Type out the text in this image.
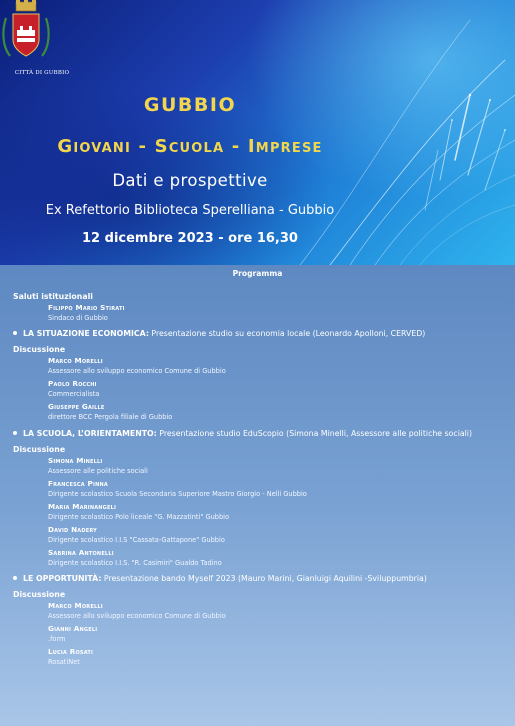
CITTÀ DI GUBBIO
GUBBIO
Giovani - Scuola - Imprese
Dati e prospettive
Ex Refettorio Biblioteca Sperelliana - Gubbio
12 dicembre 2023 - ore 16,30
Programma
Saluti istituzionali
Filippo Mario Stirati
Sindaco di Gubbio
LA SITUAZIONE ECONOMICA: Presentazione studio su economia locale (Leonardo Apolloni, CERVED)
Discussione
Marco Morelli
Assessore allo sviluppo economico Comune di Gubbio
Paolo Rocchi
Commercialista
Giuseppe Gaille
direttore BCC Pergola filiale di Gubbio
LA SCUOLA, L’ORIENTAMENTO: Presentazione studio EduScopio (Simona Minelli, Assessore alle politiche sociali)
Discussione
Simona Minelli
Assessore alle politiche sociali
Francesca Pinna
Dirigente scolastico Scuola Secondaria Superiore Mastro Giorgio - Nelli Gubbio
Maria Marinangeli
Dirigente scolastico Polo liceale "G. Mazzatinti" Gubbio
David Nadery
Dirigente scolastico I.I.S "Cassata-Gattapone" Gubbio
Sabrina Antonelli
Dirigente scolastico I.I.S. "R. Casimiri" Gualdo Tadino
LE OPPORTUNITÀ: Presentazione bando Myself 2023 (Mauro Marini, Gianluigi Aquilini -Sviluppumbria)
Discussione
Marco Morelli
Assessore allo sviluppo economico Comune di Gubbio
Gianni Angeli
.form
Lucia Rosati
RosatiNet
